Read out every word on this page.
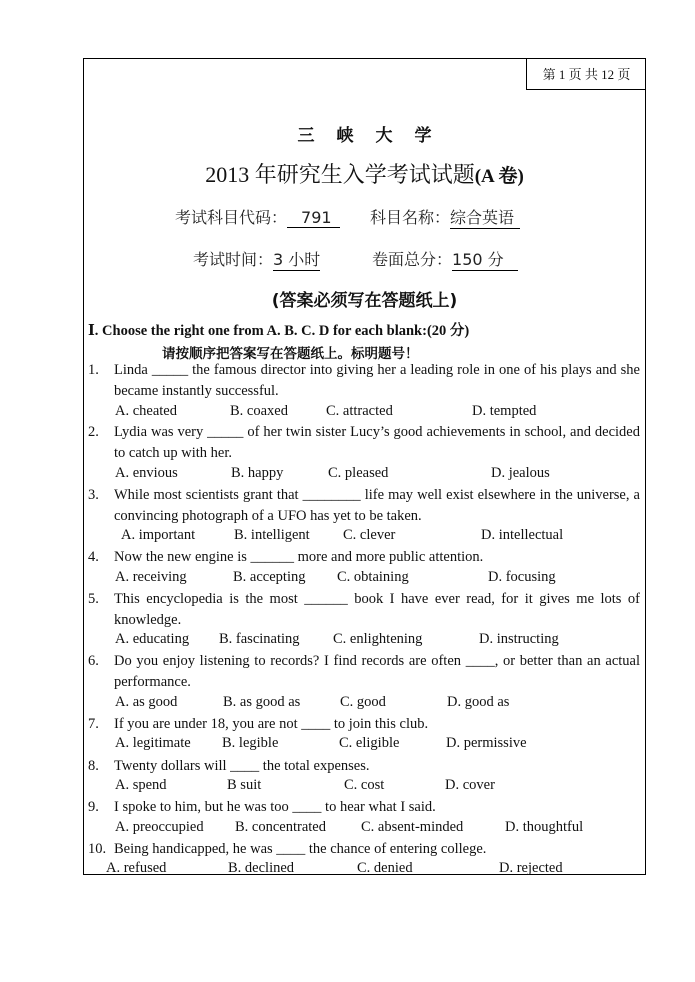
第 1 页 共 12 页
三峡大学
2013 年研究生入学考试试题(A 卷)
考试科目代码： 791	科目名称：综合英语
考试时间：3 小时	卷面总分：150 分
(答案必须写在答题纸上)
Ⅰ. Choose the right one from A. B. C. D for each blank:(20 分)
请按顺序把答案写在答题纸上。标明题号！
1. Linda _____ the famous director into giving her a leading role in one of his plays and she became instantly successful.
A. cheated	B. coaxed	C. attracted	D. tempted
2. Lydia was very _____ of her twin sister Lucy’s good achievements in school, and decided to catch up with her.
A. envious	B. happy	C. pleased	D. jealous
3. While most scientists grant that ________ life may well exist elsewhere in the universe, a convincing photograph of a UFO has yet to be taken.
A. important	B. intelligent C. clever	D. intellectual
4. Now the new engine is ______ more and more public attention.
A. receiving	B. accepting C. obtaining	D. focusing
5. This encyclopedia is the most ______ book I have ever read, for it gives me lots of knowledge.
A. educating B. fascinating C. enlightening	D. instructing
6. Do you enjoy listening to records? I find records are often ____, or better than an actual performance.
A. as good	B. as good as	C. good	D. good as
7. If you are under 18, you are not ____ to join this club.
A. legitimate B. legible	C. eligible	D. permissive
8. Twenty dollars will ____ the total expenses.
A. spend	B suit	C. cost	D. cover
9. I spoke to him, but he was too ____ to hear what I said.
A. preoccupied B. concentrated C. absent-minded	D. thoughtful
10. Being handicapped, he was ____ the chance of entering college.
A. refused	B. declined	C. denied	D. rejected
